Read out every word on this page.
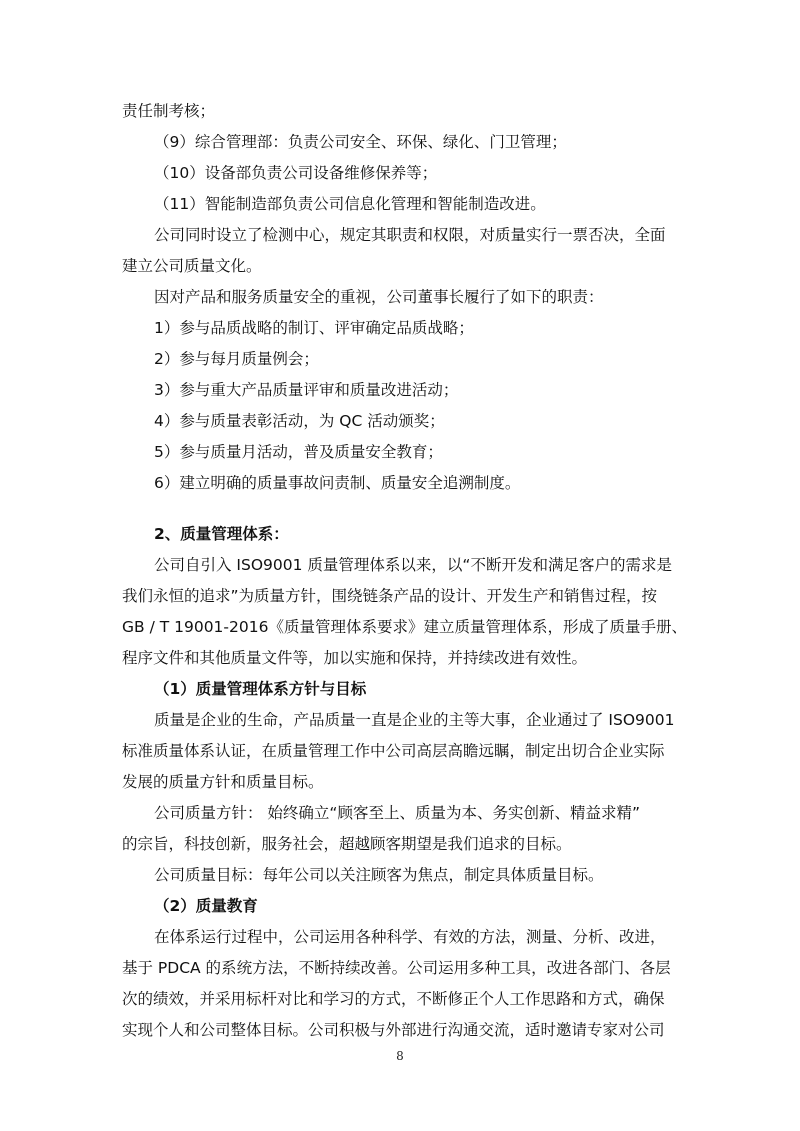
责任制考核；
（9）综合管理部：负责公司安全、环保、绿化、门卫管理；
（10）设备部负责公司设备维修保养等；
（11）智能制造部负责公司信息化管理和智能制造改进。
公司同时设立了检测中心，规定其职责和权限，对质量实行一票否决，全面
建立公司质量文化。
因对产品和服务质量安全的重视，公司董事长履行了如下的职责：
1）参与品质战略的制订、评审确定品质战略；
2）参与每月质量例会；
3）参与重大产品质量评审和质量改进活动；
4）参与质量表彰活动，为 QC 活动颁奖；
5）参与质量月活动，普及质量安全教育；
6）建立明确的质量事故问责制、质量安全追溯制度。
2、质量管理体系：
公司自引入 ISO9001 质量管理体系以来，以“不断开发和满足客户的需求是
我们永恒的追求”为质量方针，围绕链条产品的设计、开发生产和销售过程，按
GB / T 19001-2016《质量管理体系要求》建立质量管理体系，形成了质量手册、
程序文件和其他质量文件等，加以实施和保持，并持续改进有效性。
（1）质量管理体系方针与目标
质量是企业的生命，产品质量一直是企业的主等大事，企业通过了 ISO9001
标准质量体系认证，在质量管理工作中公司高层高瞻远瞩，制定出切合企业实际
发展的质量方针和质量目标。
公司质量方针： 始终确立“顾客至上、质量为本、务实创新、精益求精”
的宗旨，科技创新，服务社会，超越顾客期望是我们追求的目标。
公司质量目标：每年公司以关注顾客为焦点，制定具体质量目标。
（2）质量教育
在体系运行过程中，公司运用各种科学、有效的方法，测量、分析、改进，
基于 PDCA 的系统方法，不断持续改善。公司运用多种工具，改进各部门、各层
次的绩效，并采用标杆对比和学习的方式，不断修正个人工作思路和方式，确保
实现个人和公司整体目标。公司积极与外部进行沟通交流，适时邀请专家对公司
8
